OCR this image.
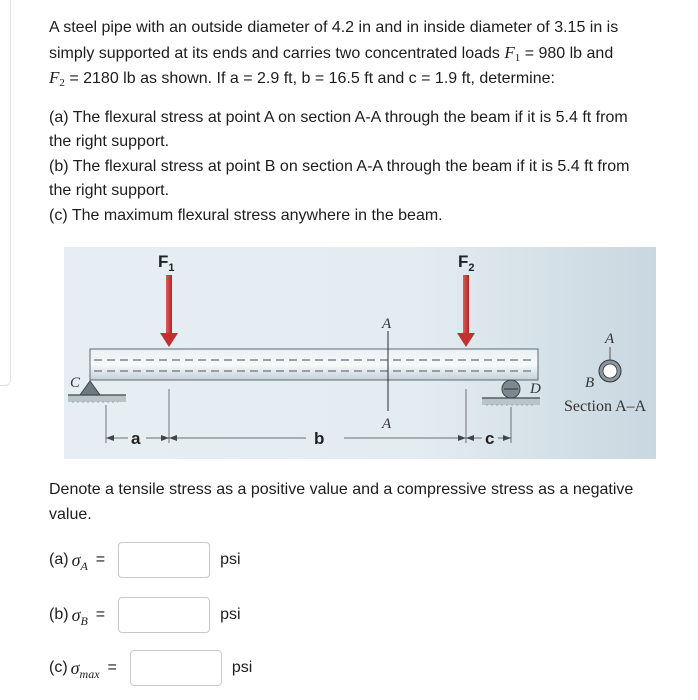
A steel pipe with an outside diameter of 4.2 in and in inside diameter of 3.15 in is
simply supported at its ends and carries two concentrated loads $F_1 = 980$ lb and
$F_2 = 2180$ lb as shown. If a = 2.9 ft, b = 16.5 ft and c = 1.9 ft, determine:

(a) The flexural stress at point A on section A-A through the beam if it is 5.4 ft from
the right support.

(b) The flexural stress at point B on section A-A through the beam if it is 5.4 ft from
the right support.

(c) The maximum flexural stress anywhere in the beam.

$F_1$	$F_2$
A
A
C	D
a	b	c
A
B
Section A–A

Denote a tensile stress as a positive value and a compressive stress as a negative
value.

(a) $\sigma_A$ =	psi
(b) $\sigma_B$ =	psi
(c) $\sigma_{max}$ =	psi
